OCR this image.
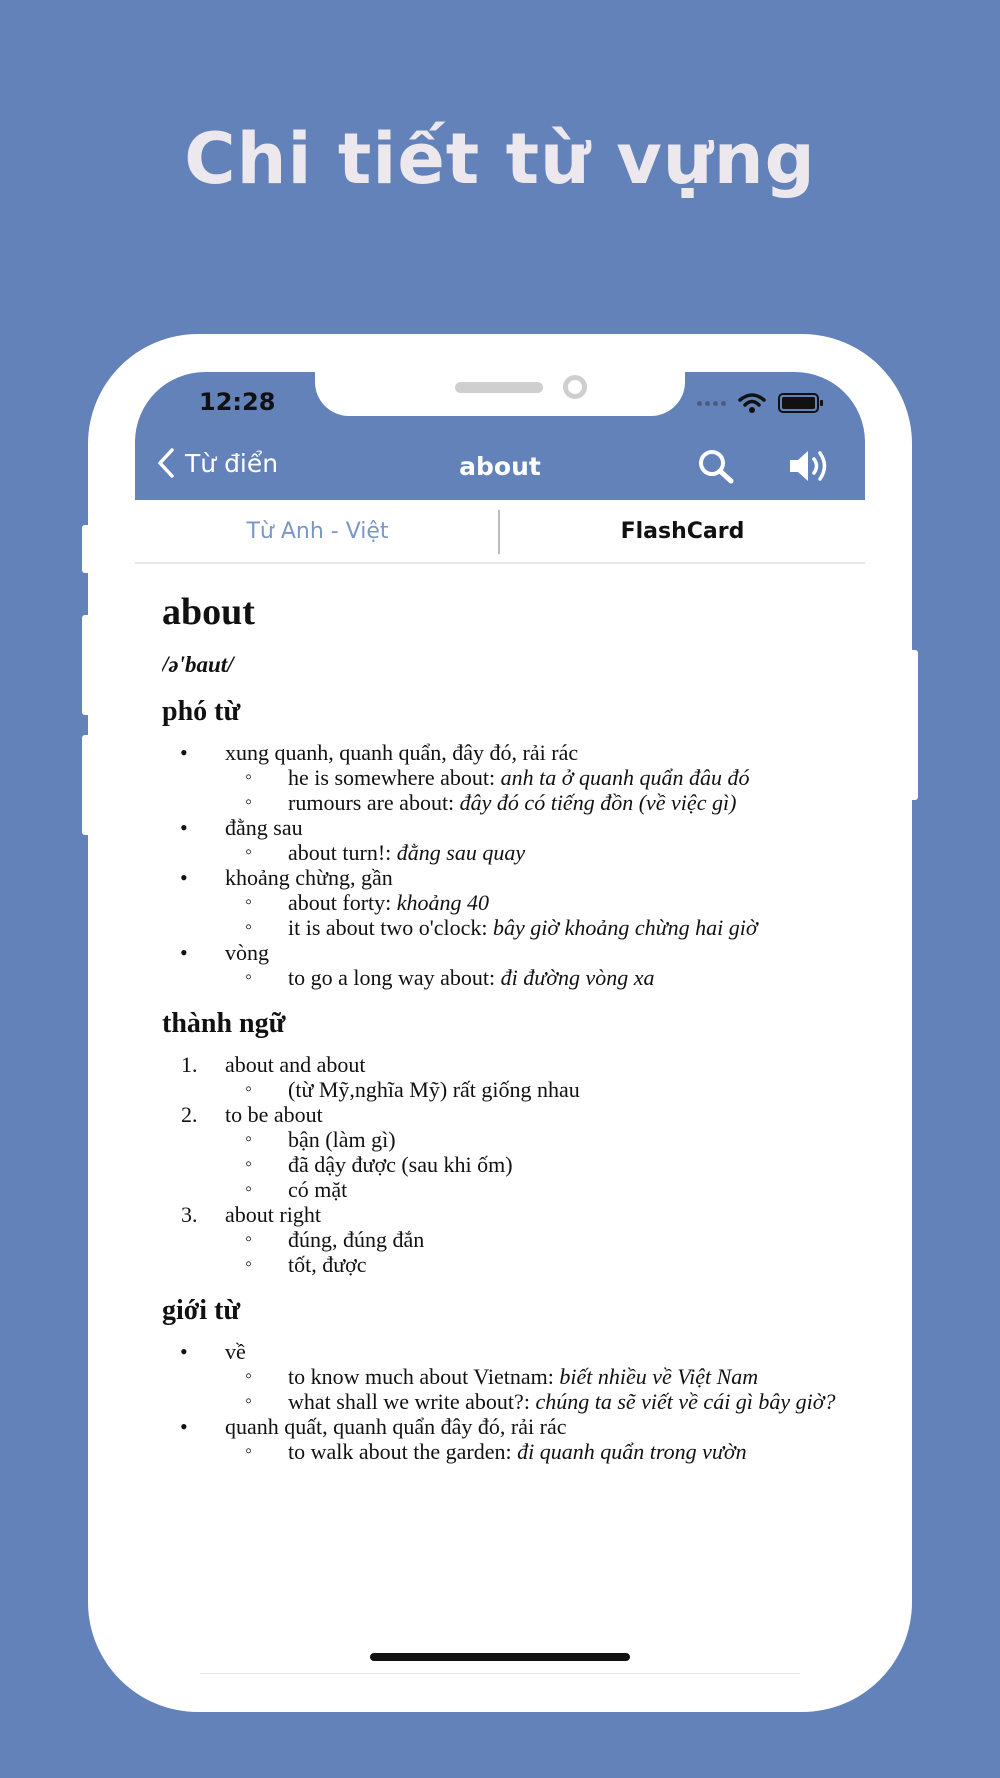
Chi tiết từ vựng
12:28
Từ điển	about
Từ Anh - Việt	FlashCard
about
/ə'baut/
phó từ
• xung quanh, quanh quẩn, đây đó, rải rác
◦ he is somewhere about: anh ta ở quanh quẩn đâu đó
◦ rumours are about: đây đó có tiếng đồn (về việc gì)
• đằng sau
◦ about turn!: đằng sau quay
• khoảng chừng, gần
◦ about forty: khoảng 40
◦ it is about two o'clock: bây giờ khoảng chừng hai giờ
• vòng
◦ to go a long way about: đi đường vòng xa
thành ngữ
1. about and about
◦ (từ Mỹ,nghĩa Mỹ) rất giống nhau
2. to be about
◦ bận (làm gì)
◦ đã dậy được (sau khi ốm)
◦ có mặt
3. about right
◦ đúng, đúng đắn
◦ tốt, được
giới từ
• về
◦ to know much about Vietnam: biết nhiều về Việt Nam
◦ what shall we write about?: chúng ta sẽ viết về cái gì bây giờ?
• quanh quất, quanh quẩn đây đó, rải rác
◦ to walk about the garden: đi quanh quẩn trong vườn
